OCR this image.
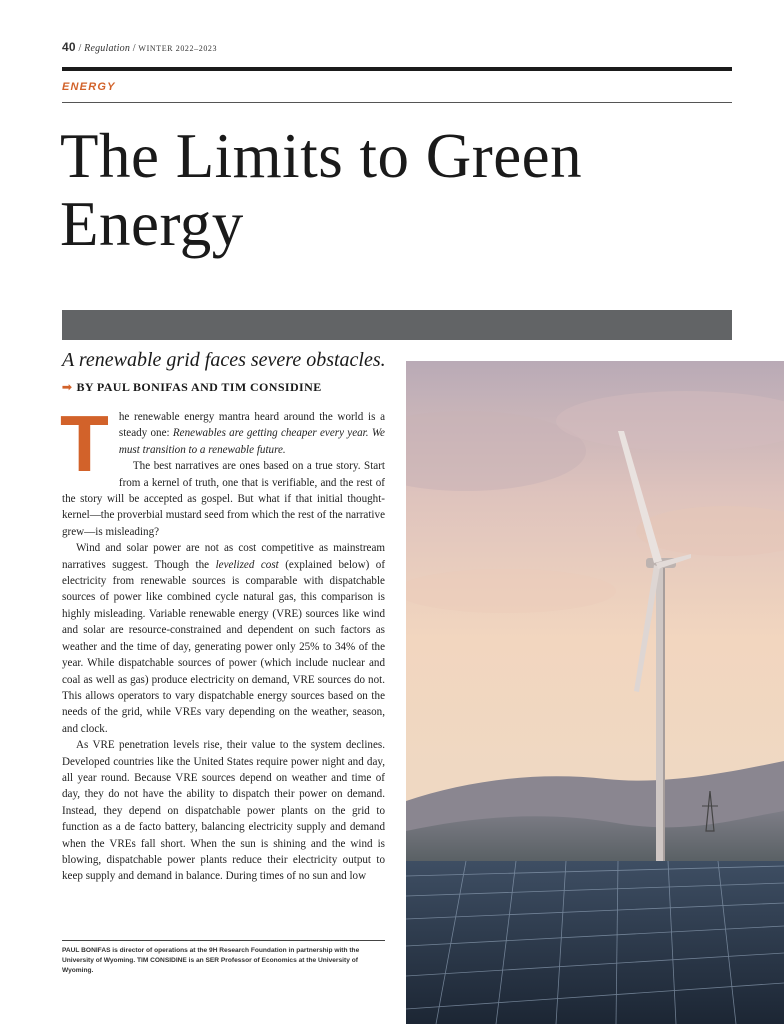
40 / Regulation / WINTER 2022–2023
ENERGY
The Limits to Green Energy
A renewable grid faces severe obstacles.
➟ BY PAUL BONIFAS AND TIM CONSIDINE

The renewable energy mantra heard around the world is a steady one: Renewables are getting cheaper every year. We must transition to a renewable future.

The best narratives are ones based on a true story. Start from a kernel of truth, one that is verifiable, and the rest of the story will be accepted as gospel. But what if that initial thought-kernel—the proverbial mustard seed from which the rest of the narrative grew—is misleading?

Wind and solar power are not as cost competitive as mainstream narratives suggest. Though the levelized cost (explained below) of electricity from renewable sources is comparable with dispatchable sources of power like combined cycle natural gas, this comparison is highly misleading. Variable renewable energy (VRE) sources like wind and solar are resource-constrained and dependent on such factors as weather and the time of day, generating power only 25% to 34% of the year. While dispatchable sources of power (which include nuclear and coal as well as gas) produce electricity on demand, VRE sources do not. This allows operators to vary dispatchable energy sources based on the needs of the grid, while VREs vary depending on the weather, season, and clock.

As VRE penetration levels rise, their value to the system declines. Developed countries like the United States require power night and day, all year round. Because VRE sources depend on weather and time of day, they do not have the ability to dispatch their power on demand. Instead, they depend on dispatchable power plants on the grid to function as a de facto battery, balancing electricity supply and demand when the VREs fall short. When the sun is shining and the wind is blowing, dispatchable power plants reduce their electricity output to keep supply and demand in balance. During times of no sun and low

PAUL BONIFAS is director of operations at the 9H Research Foundation in partnership with the University of Wyoming. TIM CONSIDINE is an SER Professor of Economics at the University of Wyoming.
